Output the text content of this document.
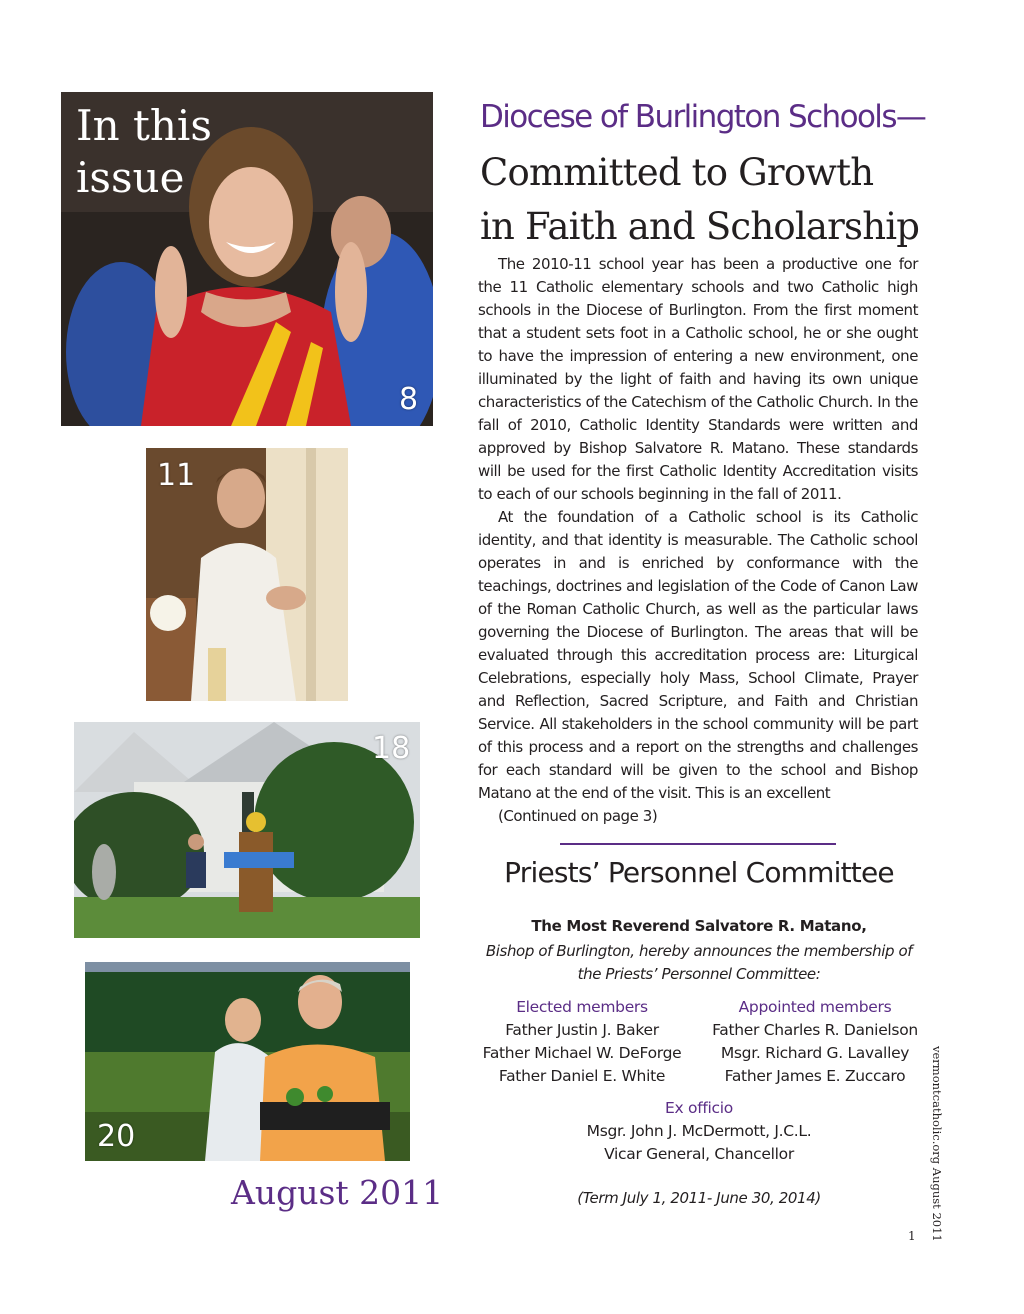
In this
issue
8
11
18
20
August 2011
Diocese of Burlington Schools—
Committed to Growth
in Faith and Scholarship

The 2010-11 school year has been a productive one for the 11 Catholic elementary schools and two Catholic high schools in the Diocese of Burlington. From the first moment that a student sets foot in a Catholic school, he or she ought to have the impression of entering a new environment, one illuminated by the light of faith and having its own unique characteristics of the Catechism of the Catholic Church. In the fall of 2010, Catholic Identity Standards were written and approved by Bishop Salvatore R. Matano. These standards will be used for the first Catholic Identity Accreditation visits to each of our schools beginning in the fall of 2011.

At the foundation of a Catholic school is its Catholic identity, and that identity is measurable. The Catholic school operates in and is enriched by conformance with the teachings, doctrines and legislation of the Code of Canon Law of the Roman Catholic Church, as well as the particular laws governing the Diocese of Burlington. The areas that will be evaluated through this accreditation process are: Liturgical Celebrations, especially holy Mass, School Climate, Prayer and Reflection, Sacred Scripture, and Faith and Christian Service. All stakeholders in the school community will be part of this process and a report on the strengths and challenges for each standard will be given to the school and Bishop Matano at the end of the visit. This is an excellent

(Continued on page 3)

Priests’ Personnel Committee

The Most Reverend Salvatore R. Matano,

Bishop of Burlington, hereby announces the membership of the Priests’ Personnel Committee:

Elected members
Father Justin J. Baker
Father Michael W. DeForge
Father Daniel E. White
Appointed members
Father Charles R. Danielson
Msgr. Richard G. Lavalley
Father James E. Zuccaro
Ex officio
Msgr. John J. McDermott, J.C.L.
Vicar General, Chancellor
(Term July 1, 2011- June 30, 2014)	vermontcatholic.org August 2011
1
